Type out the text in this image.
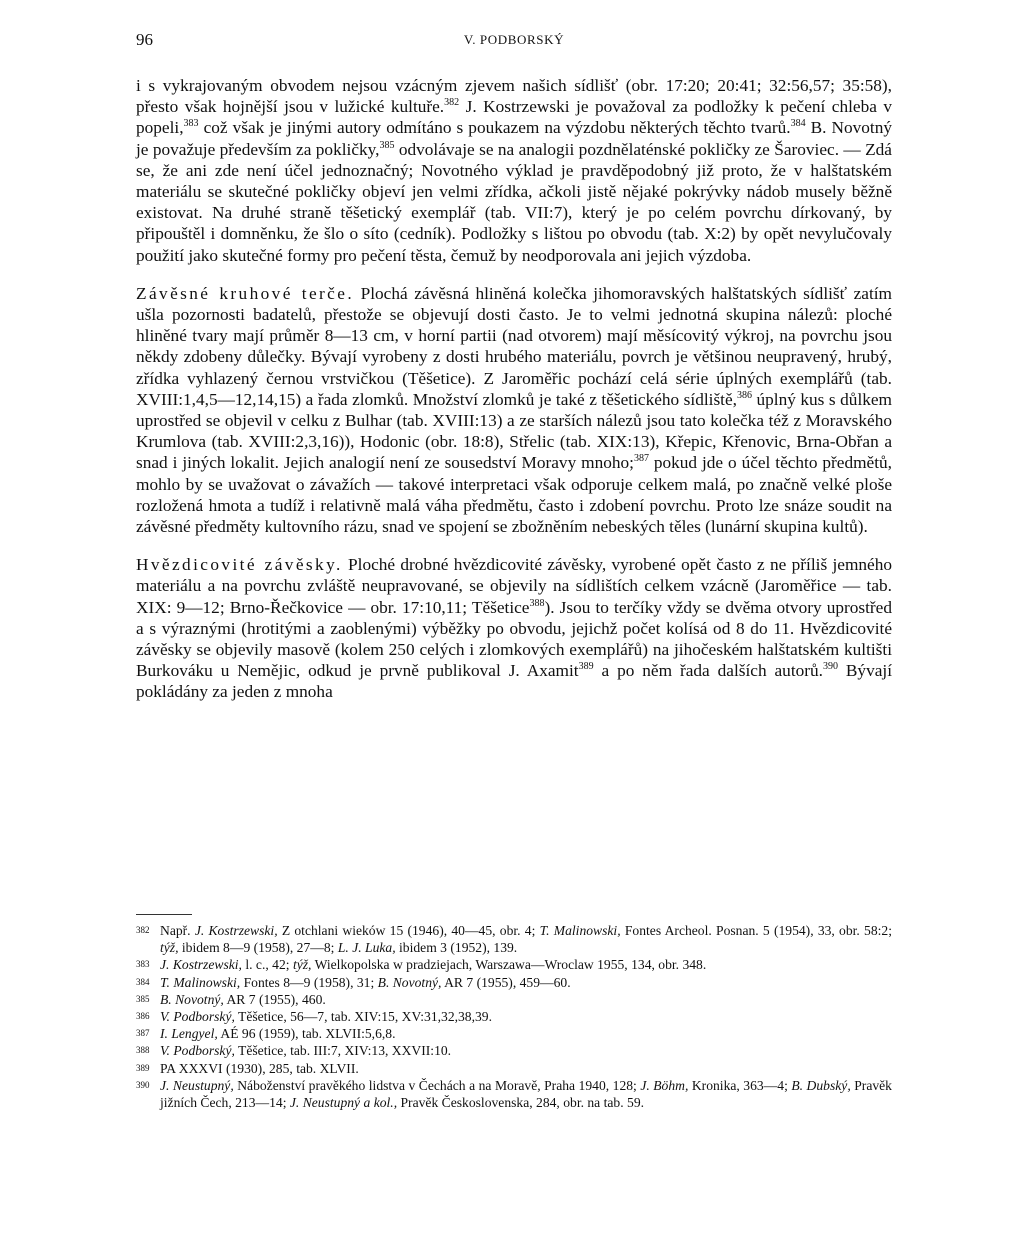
96	V. PODBORSKÝ

i s vykrajovaným obvodem nejsou vzácným zjevem našich sídlišť (obr. 17:20; 20:41; 32:56,57; 35:58), přesto však hojnější jsou v lužické kultuře.$^{382}$ J. Kostrzewski je považoval za podložky k pečení chleba v popeli,$^{383}$ což však je jinými autory odmítáno s poukazem na výzdobu některých těchto tvarů.$^{384}$ B. Novotný je považuje především za pokličky,$^{385}$ odvolávaje se na analogii pozdnělaténské pokličky ze Šaroviec. — Zdá se, že ani zde není účel jednoznačný; Novotného výklad je pravděpodobný již proto, že v halštatském materiálu se skutečné pokličky objeví jen velmi zřídka, ačkoli jistě nějaké pokrývky nádob musely běžně existovat. Na druhé straně těšetický exemplář (tab. VII:7), který je po celém povrchu dírkovaný, by připouštěl i domněnku, že šlo o síto (cedník). Podložky s lištou po obvodu (tab. X:2) by opět nevylučovaly použití jako skutečné formy pro pečení těsta, čemuž by neodporovala ani jejich výzdoba.

Závěsné kruhové terče. Plochá závěsná hliněná kolečka jihomoravských halštatských sídlišť zatím ušla pozornosti badatelů, přestože se objevují dosti často. Je to velmi jednotná skupina nálezů: ploché hliněné tvary mají průměr 8—13 cm, v horní partii (nad otvorem) mají měsícovitý výkroj, na povrchu jsou někdy zdobeny důlečky. Bývají vyrobeny z dosti hrubého materiálu, povrch je většinou neupravený, hrubý, zřídka vyhlazený černou vrstvičkou (Těšetice). Z Jaroměřic pochází celá série úplných exemplářů (tab. XVIII:1,4,5—12,14,15) a řada zlomků. Množství zlomků je také z těšetického sídliště,$^{386}$ úplný kus s důlkem uprostřed se objevil v celku z Bulhar (tab. XVIII:13) a ze starších nálezů jsou tato kolečka též z Moravského Krumlova (tab. XVIII:2,3,16)), Hodonic (obr. 18:8), Střelic (tab. XIX:13), Křepic, Křenovic, Brna-Obřan a snad i jiných lokalit. Jejich analogií není ze sousedství Moravy mnoho;$^{387}$ pokud jde o účel těchto předmětů, mohlo by se uvažovat o závažích — takové interpretaci však odporuje celkem malá, po značně velké ploše rozložená hmota a tudíž i relativně malá váha předmětu, často i zdobení povrchu. Proto lze snáze soudit na závěsné předměty kultovního rázu, snad ve spojení se zbožněním nebeských těles (lunární skupina kultů).

Hvězdicovité závěsky. Ploché drobné hvězdicovité závěsky, vyrobené opět často z ne příliš jemného materiálu a na povrchu zvláště neupravované, se objevily na sídlištích celkem vzácně (Jaroměřice — tab. XIX: 9—12; Brno-Řečkovice — obr. 17:10,11; Těšetice$^{388}$). Jsou to terčíky vždy se dvěma otvory uprostřed a s výraznými (hrotitými a zaoblenými) výběžky po obvodu, jejichž počet kolísá od 8 do 11. Hvězdicovité závěsky se objevily masově (kolem 250 celých i zlomkových exemplářů) na jihočeském halštatském kultišti Burkováku u Nemějic, odkud je prvně publikoval J. Axamit$^{389}$ a po něm řada dalších autorů.$^{390}$ Bývají pokládány za jeden z mnoha

382 Např. J. Kostrzewski, Z otchlani wieków 15 (1946), 40—45, obr. 4; T. Malinowski, Fontes Archeol. Posnan. 5 (1954), 33, obr. 58:2; týž, ibidem 8—9 (1958), 27—8; L. J. Luka, ibidem 3 (1952), 139.
383 J. Kostrzewski, l. c., 42; týž, Wielkopolska w pradziejach, Warszawa—Wroclaw 1955, 134, obr. 348.
384 T. Malinowski, Fontes 8—9 (1958), 31; B. Novotný, AR 7 (1955), 459—60.
385 B. Novotný, AR 7 (1955), 460.
386 V. Podborský, Těšetice, 56—7, tab. XIV:15, XV:31,32,38,39.
387 I. Lengyel, AÉ 96 (1959), tab. XLVII:5,6,8.
388 V. Podborský, Těšetice, tab. III:7, XIV:13, XXVII:10.
389 PA XXXVI (1930), 285, tab. XLVII.
390 J. Neustupný, Náboženství pravěkého lidstva v Čechách a na Moravě, Praha 1940, 128; J. Böhm, Kronika, 363—4; B. Dubský, Pravěk jižních Čech, 213—14; J. Neustupný a kol., Pravěk Československa, 284, obr. na tab. 59.
